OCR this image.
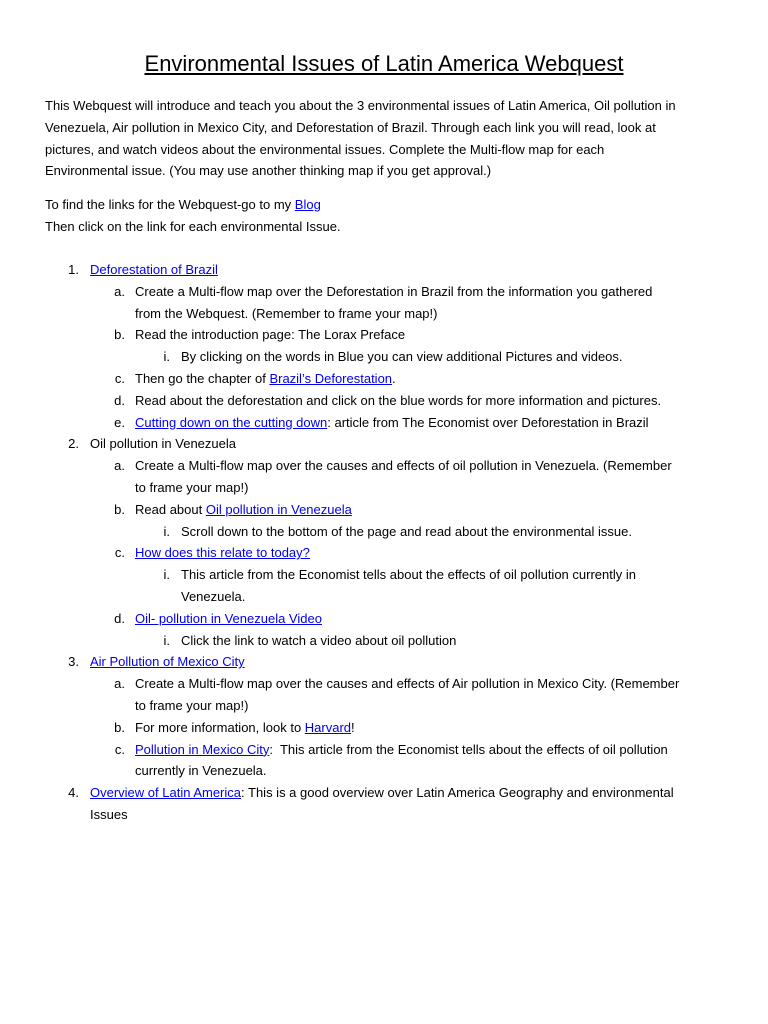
Environmental Issues of Latin America Webquest

This Webquest will introduce and teach you about the 3 environmental issues of Latin America, Oil pollution in
Venezuela, Air pollution in Mexico City, and Deforestation of Brazil. Through each link you will read, look at
pictures, and watch videos about the environmental issues. Complete the Multi-flow map for each
Environmental issue. (You may use another thinking map if you get approval.)

To find the links for the Webquest-go to my Blog
Then click on the link for each environmental Issue.

1. Deforestation of Brazil
a. Create a Multi-flow map over the Deforestation in Brazil from the information you gathered
from the Webquest. (Remember to frame your map!)
b. Read the introduction page: The Lorax Preface
i. By clicking on the words in Blue you can view additional Pictures and videos.
c. Then go the chapter of Brazil’s Deforestation.
d. Read about the deforestation and click on the blue words for more information and pictures.
e. Cutting down on the cutting down: article from The Economist over Deforestation in Brazil
2. Oil pollution in Venezuela
a. Create a Multi-flow map over the causes and effects of oil pollution in Venezuela. (Remember
to frame your map!)
b. Read about Oil pollution in Venezuela
i. Scroll down to the bottom of the page and read about the environmental issue.
c. How does this relate to today?
i. This article from the Economist tells about the effects of oil pollution currently in
Venezuela.
d. Oil- pollution in Venezuela Video
i. Click the link to watch a video about oil pollution
3. Air Pollution of Mexico City
a. Create a Multi-flow map over the causes and effects of Air pollution in Mexico City. (Remember
to frame your map!)
b. For more information, look to Harvard!
c. Pollution in Mexico City:  This article from the Economist tells about the effects of oil pollution
currently in Venezuela.
4. Overview of Latin America: This is a good overview over Latin America Geography and environmental
Issues
